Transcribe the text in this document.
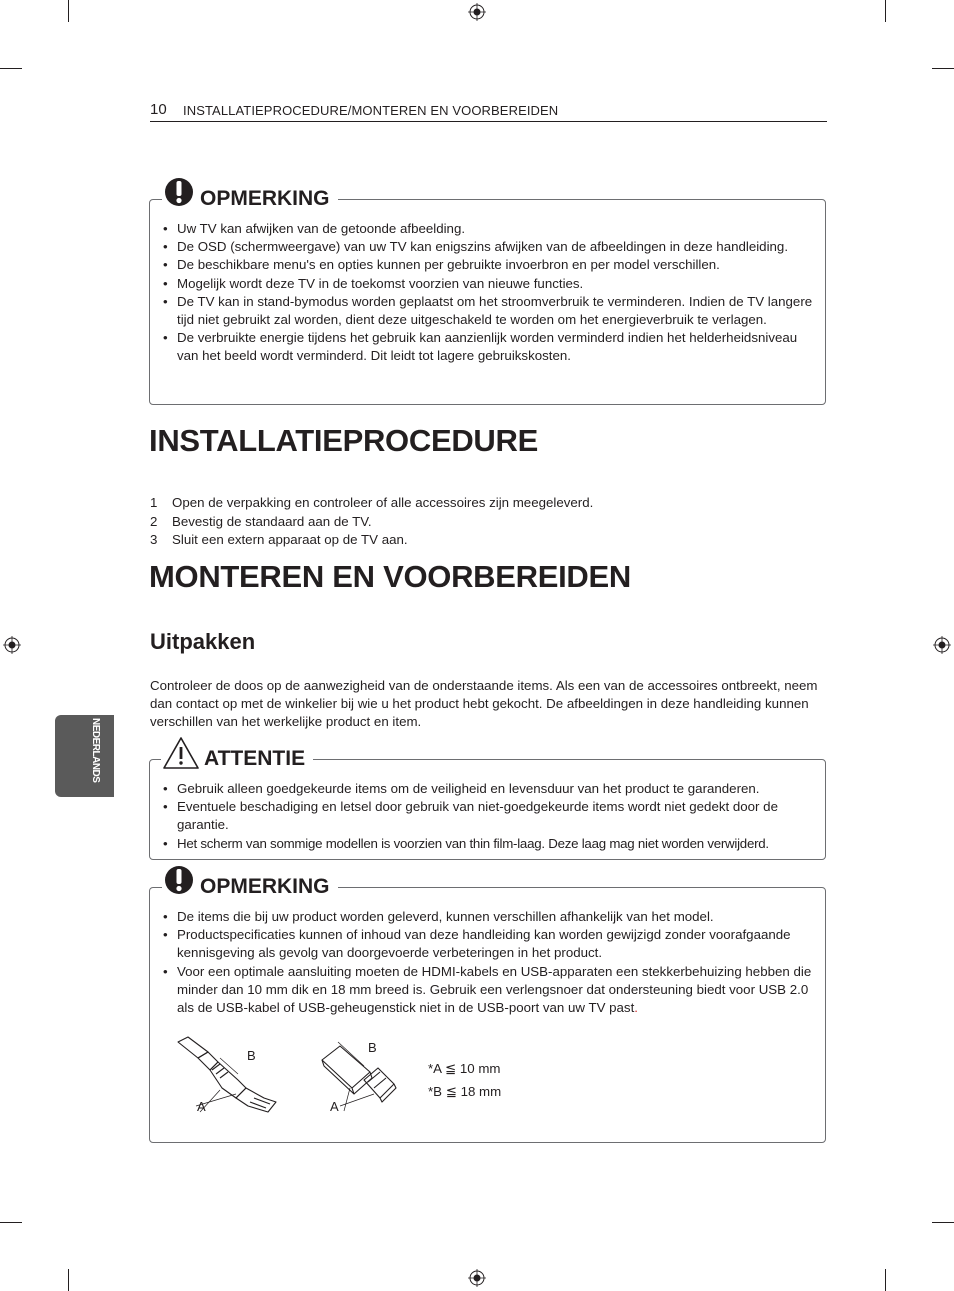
10 INSTALLATIEPROCEDURE/MONTEREN EN VOORBEREIDEN
NEDERLANDS
OPMERKING
• Uw TV kan afwijken van de getoonde afbeelding.
• De OSD (schermweergave) van uw TV kan enigszins afwijken van de afbeeldingen in deze handleiding.
• De beschikbare menu's en opties kunnen per gebruikte invoerbron en per model verschillen.
• Mogelijk wordt deze TV in de toekomst voorzien van nieuwe functies.
• De TV kan in stand-bymodus worden geplaatst om het stroomverbruik te verminderen. Indien de TV langere tijd niet gebruikt zal worden, dient deze uitgeschakeld te worden om het energieverbruik te verlagen.
• De verbruikte energie tijdens het gebruik kan aanzienlijk worden verminderd indien het helderheidsniveau van het beeld wordt verminderd. Dit leidt tot lagere gebruikskosten.
INSTALLATIEPROCEDURE
1	Open de verpakking en controleer of alle accessoires zijn meegeleverd.
2	Bevestig de standaard aan de TV.
3	Sluit een extern apparaat op de TV aan.
MONTEREN EN VOORBEREIDEN
Uitpakken
Controleer de doos op de aanwezigheid van de onderstaande items. Als een van de accessoires ontbreekt, neem dan contact op met de winkelier bij wie u het product hebt gekocht. De afbeeldingen in deze handleiding kunnen verschillen van het werkelijke product en item.
ATTENTIE
• Gebruik alleen goedgekeurde items om de veiligheid en levensduur van het product te garanderen.
• Eventuele beschadiging en letsel door gebruik van niet-goedgekeurde items wordt niet gedekt door de garantie.
• Het scherm van sommige modellen is voorzien van thin film-laag. Deze laag mag niet worden verwijderd.
OPMERKING
• De items die bij uw product worden geleverd, kunnen verschillen afhankelijk van het model.
• Productspecificaties kunnen of inhoud van deze handleiding kan worden gewijzigd zonder voorafgaande kennisgeving als gevolg van doorgevoerde verbeteringen in het product.
• Voor een optimale aansluiting moeten de HDMI-kabels en USB-apparaten een stekkerbehuizing hebben die minder dan 10 mm dik en 18 mm breed is. Gebruik een verlengsnoer dat ondersteuning biedt voor USB 2.0 als de USB-kabel of USB-geheugenstick niet in de USB-poort van uw TV past.
B
A
B
A
*A ≦ 10 mm
*B ≦ 18 mm
